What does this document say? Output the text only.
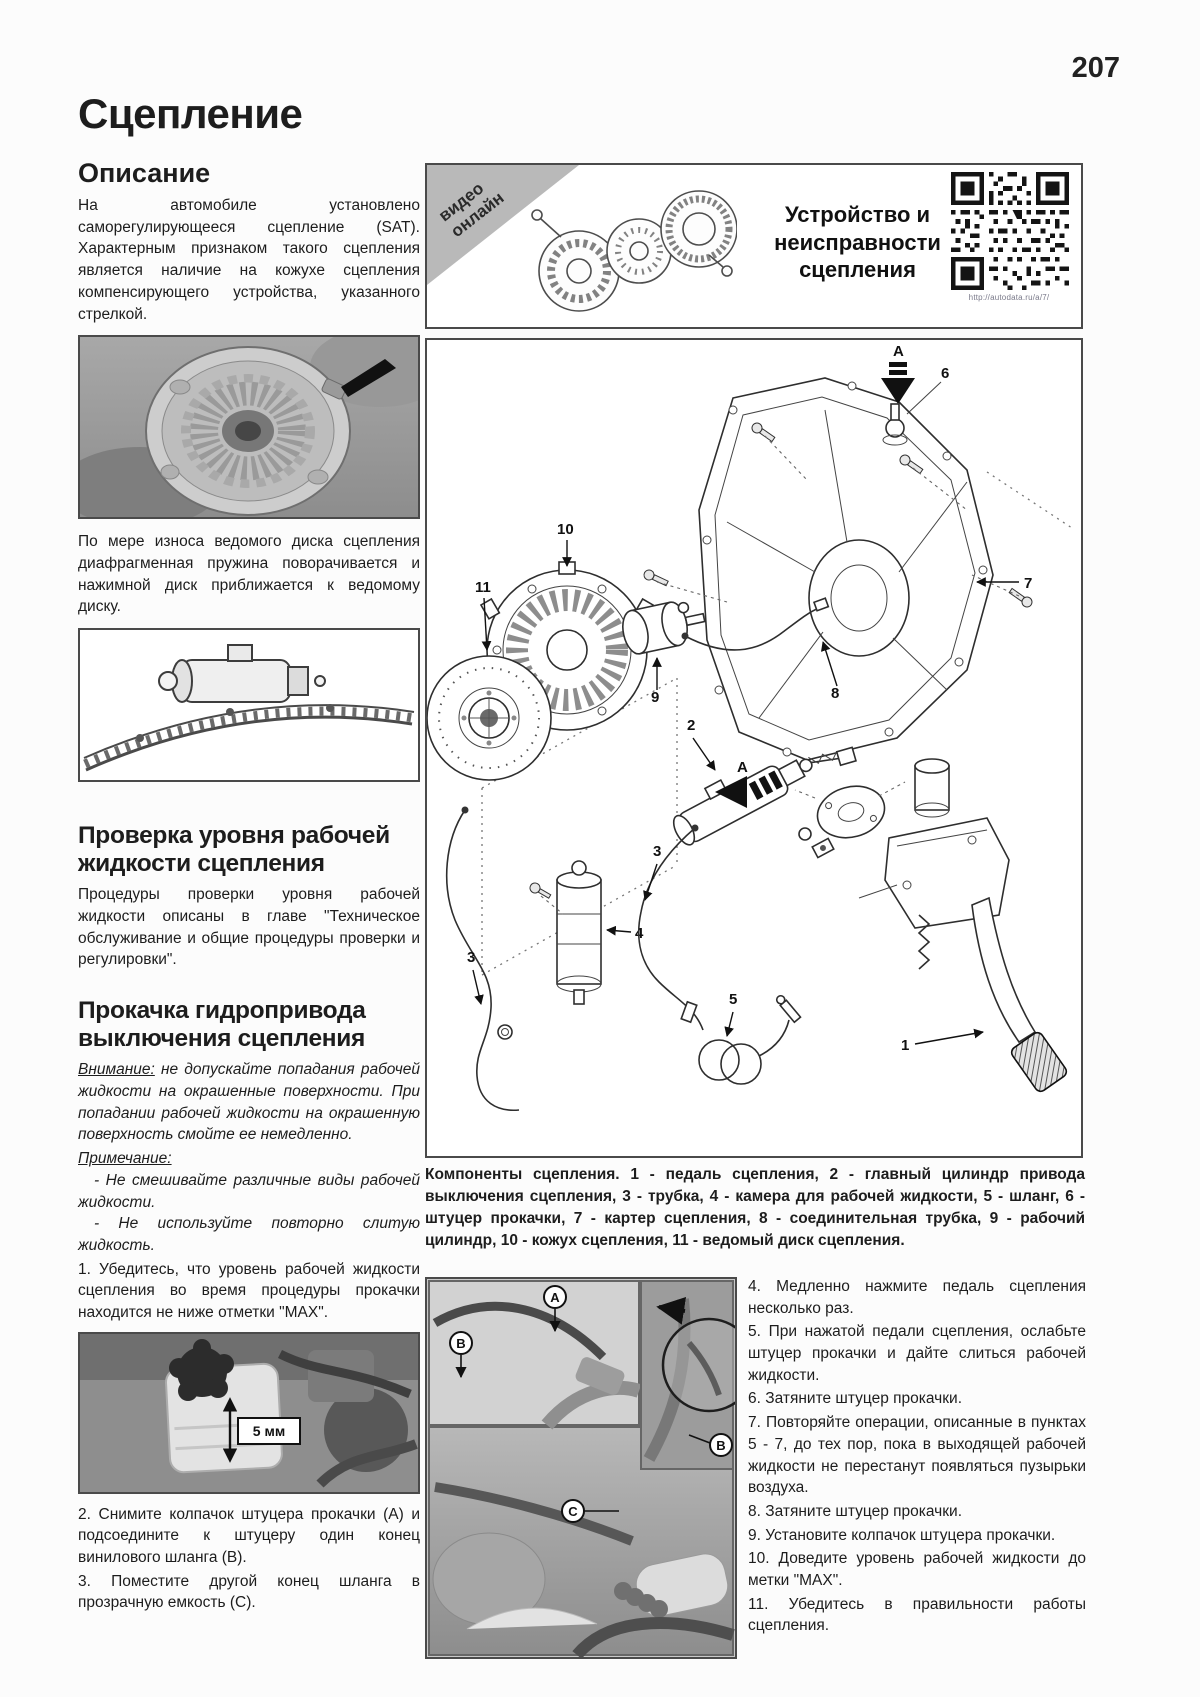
207
Сцепление
Описание

На автомобиле установлено саморегулирующееся сцепление (SAT). Характерным признаком такого сцепления является наличие на кожухе сцепления компенсирующего устройства, указанного стрелкой.

По мере износа ведомого диска сцепления диафрагменная пружина поворачивается и нажимной диск приближается к ведомому диску.

Проверка уровня рабочей жидкости сцепления

Процедуры проверки уровня рабочей жидкости описаны в главе "Техническое обслуживание и общие процедуры проверки и регулировки".

Прокачка гидропривода выключения сцепления

Внимание: не допускайте попадания рабочей жидкости на окрашенные поверхности. При попадании рабочей жидкости на окрашенную поверхность смойте ее немедленно.

Примечание:

- Не смешивайте различные виды рабочей жидкости.

- Не используйте повторно слитую жидкость.

1. Убедитесь, что уровень рабочей жидкости сцепления во время процедуры прокачки находится не ниже отметки "MAX".

5 мм

2. Снимите колпачок штуцера прокачки (А) и подсоедините к штуцеру один конец винилового шланга (В).

3. Поместите другой конец шланга в прозрачную емкость (С).

видео
онлайн	Устройство и неисправности сцепления
http://autodata.ru/a/7/
A
6
7
10
11
9	8
2
1
A
4
3
3
5
Компоненты сцепления. 1 - педаль сцепления, 2 - главный цилиндр привода выключения сцепления, 3 - трубка, 4 - камера для рабочей жидкости, 5 - шланг, 6 - штуцер прокачки, 7 - картер сцепления, 8 - соединительная трубка, 9 - рабочий цилиндр, 10 - кожух сцепления, 11 - ведомый диск сцепления.
A
B
B
C

4. Медленно нажмите педаль сцепления несколько раз.

5. При нажатой педали сцепления, ослабьте штуцер прокачки и дайте слиться рабочей жидкости.

6. Затяните штуцер прокачки.

7. Повторяйте операции, описанные в пунктах 5 - 7, до тех пор, пока в выходящей рабочей жидкости не перестанут появляться пузырьки воздуха.

8. Затяните штуцер прокачки.

9. Установите колпачок штуцера прокачки.

10. Доведите уровень рабочей жидкости до метки "MAX".

11. Убедитесь в правильности работы сцепления.
